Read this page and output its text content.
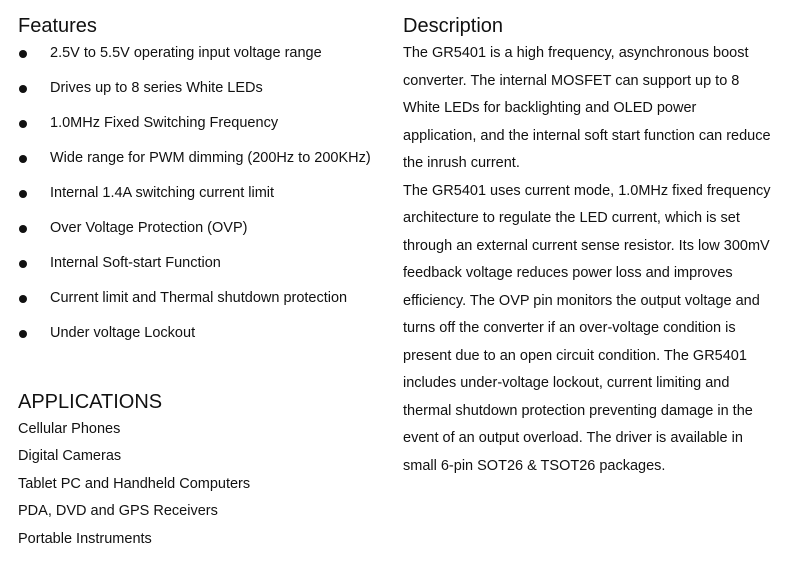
Features
2.5V to 5.5V operating input voltage range
Drives up to 8 series White LEDs
1.0MHz Fixed Switching Frequency
Wide range for PWM dimming (200Hz to 200KHz)
Internal 1.4A switching current limit
Over Voltage Protection (OVP)
Internal Soft-start Function
Current limit and Thermal shutdown protection
Under voltage Lockout
APPLICATIONS
Cellular Phones
Digital Cameras
Tablet PC and Handheld Computers
PDA, DVD and GPS Receivers
Portable Instruments
Description

The GR5401 is a high frequency, asynchronous boost converter. The internal MOSFET can support up to 8 White LEDs for backlighting and OLED power application, and the internal soft start function can reduce the inrush current.

The GR5401 uses current mode, 1.0MHz fixed frequency architecture to regulate the LED current, which is set through an external current sense resistor. Its low 300mV feedback voltage reduces power loss and improves efficiency. The OVP pin monitors the output voltage and turns off the converter if an over-voltage condition is present due to an open circuit condition. The GR5401 includes under-voltage lockout, current limiting and thermal shutdown protection preventing damage in the event of an output overload. The driver is available in small 6-pin SOT26 & TSOT26 packages.
